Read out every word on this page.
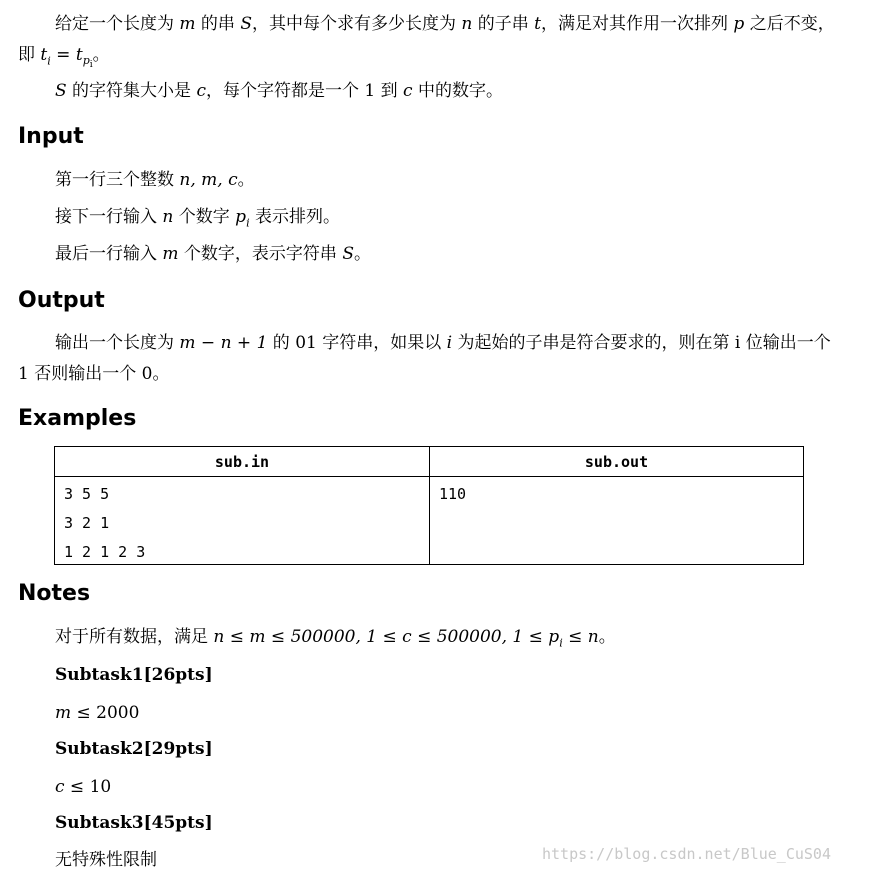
给定一个长度为 m 的串 S，其中每个求有多少长度为 n 的子串 t，满足对其作用一次排列 p 之后不变，即 $t_i = t_{p_i}$。
S 的字符集大小是 c，每个字符都是一个 1 到 c 中的数字。
Input
第一行三个整数 n, m, c。
接下一行输入 n 个数字 $p_i$ 表示排列。
最后一行输入 m 个数字，表示字符串 S。
Output
输出一个长度为 m − n + 1 的 01 字符串，如果以 i 为起始的子串是符合要求的，则在第 i 位输出一个 1 否则输出一个 0。
Examples
sub.in	sub.out
3 5 5
3 2 1
1 2 1 2 3
110
Notes
对于所有数据，满足 n ≤ m ≤ 500000, 1 ≤ c ≤ 500000, $1 \le p_i \le n$。
Subtask1[26pts]
m ≤ 2000
Subtask2[29pts]
c ≤ 10
Subtask3[45pts]
无特殊性限制	https://blog.csdn.net/Blue_CuS04
